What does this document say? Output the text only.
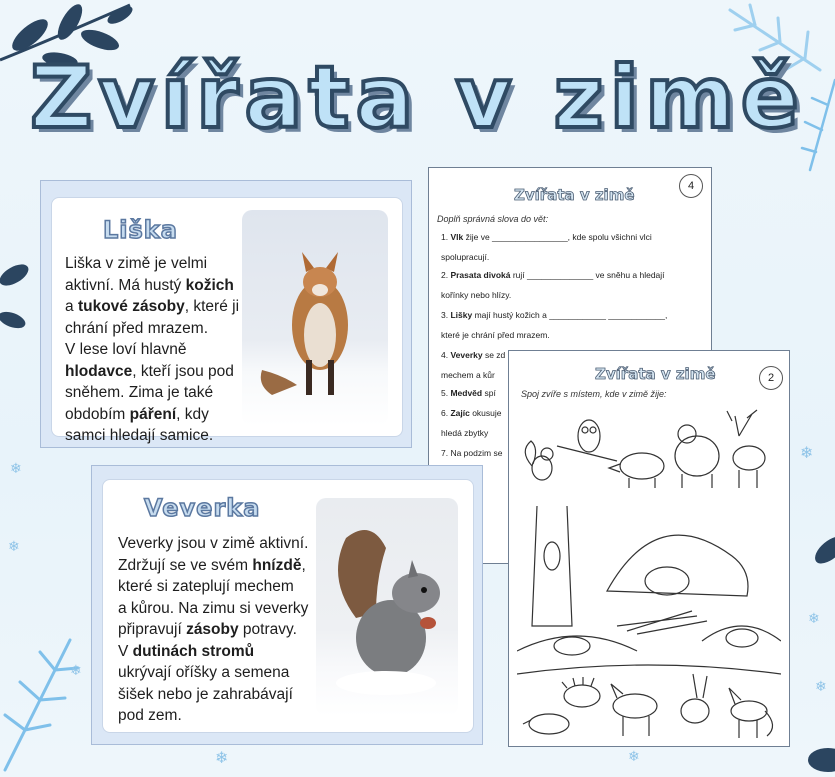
❄
❄
❄
❄	❄
❄
❄
❄
Zvířata v zimě
Zvířata v zimě	4
Doplň správná slova do vět:
1. Vlk žije ve ________________, kde spolu všichni vlci
spolupracují.
2. Prasata divoká rují ______________ ve sněhu a hledají
kořínky nebo hlízy.
3. Lišky mají hustý kožich a ____________ ____________,
které je chrání před mrazem.
4. Veverky se zd
mechem a kůr
5. Medvěd spí
6. Zajíc okusuje
hledá zbytky
7. Na podzim se
Zvířata v zimě	2
Spoj zvíře s místem, kde v zimě žije:
Liška
Liška v zimě je velmi
aktivní. Má hustý kožich
a tukové zásoby, které ji
chrání před mrazem.
V lese loví hlavně
hlodavce, kteří jsou pod
sněhem. Zima je také
obdobím páření, kdy
samci hledají samice.
Veverka
Veverky jsou v zimě aktivní.
Zdržují se ve svém hnízdě,
které si zateplují mechem
a kůrou. Na zimu si veverky
připravují zásoby potravy.
V dutinách stromů
ukrývají oříšky a semena
šišek nebo je zahrabávají
pod zem.
